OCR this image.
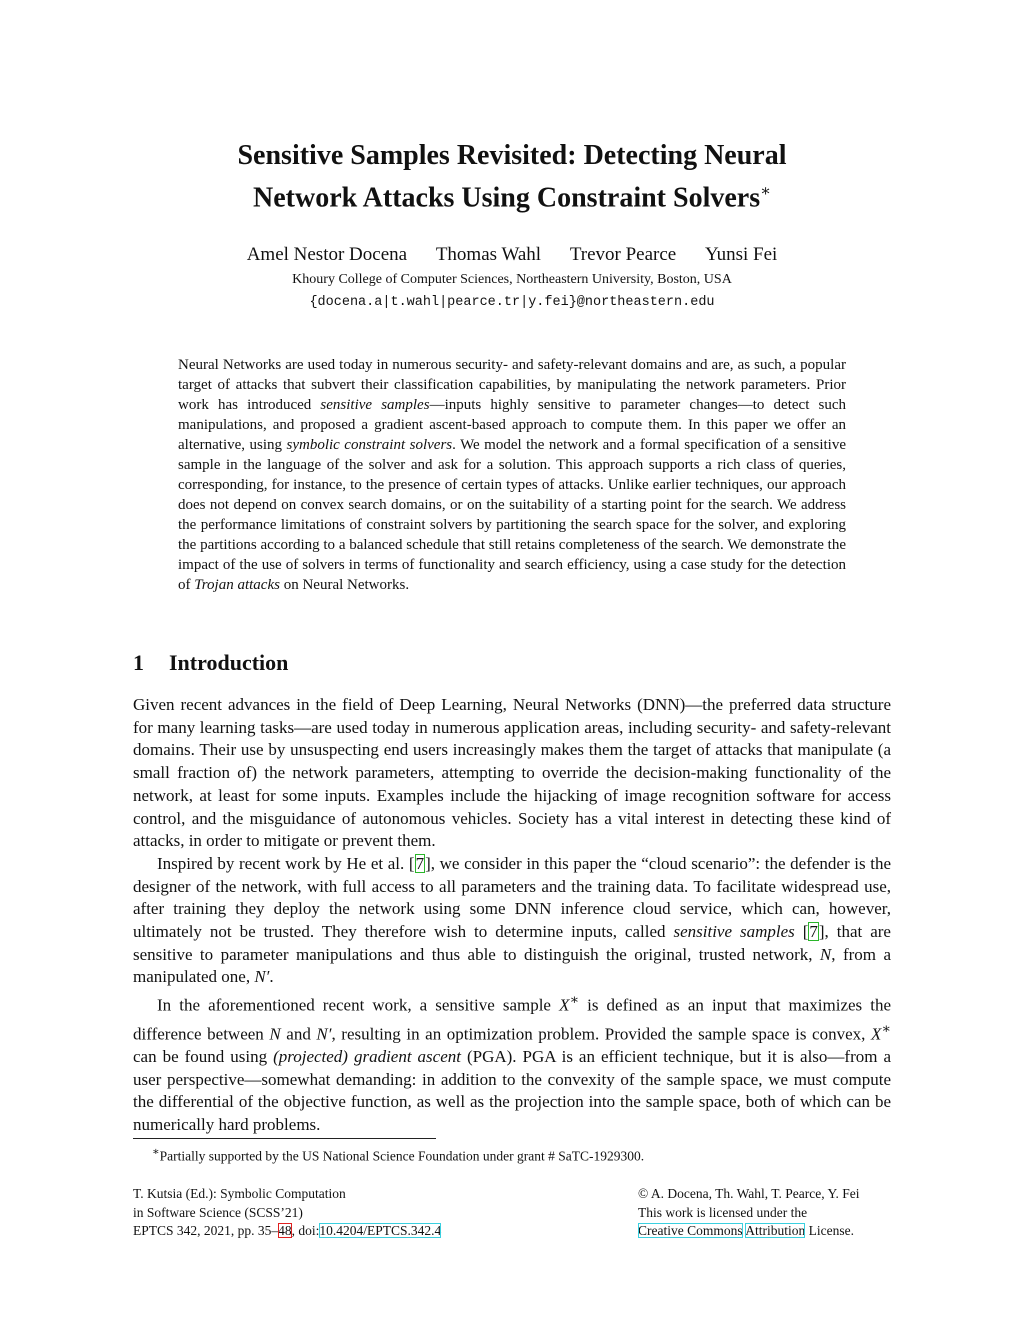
Sensitive Samples Revisited: Detecting Neural
Network Attacks Using Constraint Solvers∗
Amel Nestor Docena Thomas Wahl Trevor Pearce Yunsi Fei
Khoury College of Computer Sciences, Northeastern University, Boston, USA
{docena.a|t.wahl|pearce.tr|y.fei}@northeastern.edu
Neural Networks are used today in numerous security- and safety-relevant domains and are, as such, a popular target of attacks that subvert their classification capabilities, by manipulating the network parameters. Prior work has introduced sensitive samples—inputs highly sensitive to parameter changes—to detect such manipulations, and proposed a gradient ascent-based approach to compute them. In this paper we offer an alternative, using symbolic constraint solvers. We model the network and a formal specification of a sensitive sample in the language of the solver and ask for a solution. This approach supports a rich class of queries, corresponding, for instance, to the presence of certain types of attacks. Unlike earlier techniques, our approach does not depend on convex search domains, or on the suitability of a starting point for the search. We address the performance limitations of constraint solvers by partitioning the search space for the solver, and exploring the partitions according to a balanced schedule that still retains completeness of the search. We demonstrate the impact of the use of solvers in terms of functionality and search efficiency, using a case study for the detection of Trojan attacks on Neural Networks.
1 Introduction

Given recent advances in the field of Deep Learning, Neural Networks (DNN)—the preferred data structure for many learning tasks—are used today in numerous application areas, including security- and safety-relevant domains. Their use by unsuspecting end users increasingly makes them the target of attacks that manipulate (a small fraction of) the network parameters, attempting to override the decision-making functionality of the network, at least for some inputs. Examples include the hijacking of image recognition software for access control, and the misguidance of autonomous vehicles. Society has a vital interest in detecting these kind of attacks, in order to mitigate or prevent them.

Inspired by recent work by He et al. [7], we consider in this paper the “cloud scenario”: the defender is the designer of the network, with full access to all parameters and the training data. To facilitate widespread use, after training they deploy the network using some DNN inference cloud service, which can, however, ultimately not be trusted. They therefore wish to determine inputs, called sensitive samples [7], that are sensitive to parameter manipulations and thus able to distinguish the original, trusted network, N, from a manipulated one, N′.

In the aforementioned recent work, a sensitive sample X∗ is defined as an input that maximizes the difference between N and N′, resulting in an optimization problem. Provided the sample space is convex, X∗ can be found using (projected) gradient ascent (PGA). PGA is an efficient technique, but it is also—from a user perspective—somewhat demanding: in addition to the convexity of the sample space, we must compute the differential of the objective function, as well as the projection into the sample space, both of which can be numerically hard problems.

∗Partially supported by the US National Science Foundation under grant # SaTC-1929300.
T. Kutsia (Ed.): Symbolic Computation
in Software Science (SCSS’21)
EPTCS 342, 2021, pp. 35–48, doi:10.4204/EPTCS.342.4
© A. Docena, Th. Wahl, T. Pearce, Y. Fei
This work is licensed under the
Creative Commons Attribution License.
